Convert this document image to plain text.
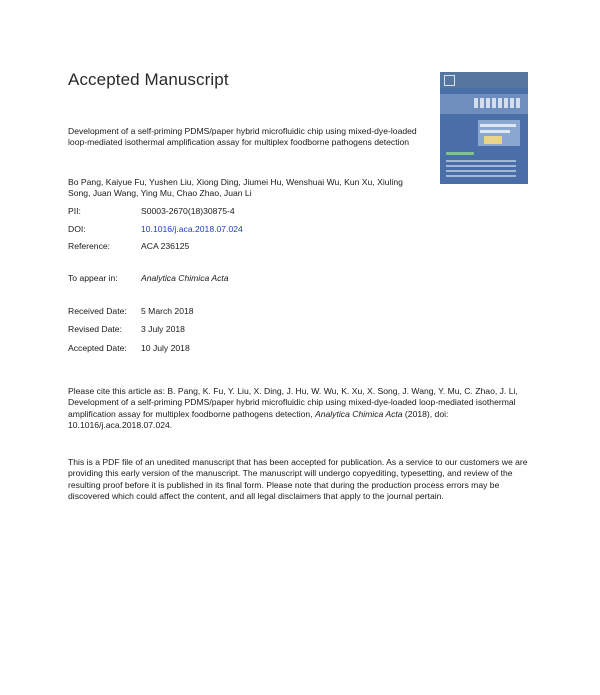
Accepted Manuscript
Development of a self-priming PDMS/paper hybrid microfluidic chip using mixed-dye-loaded loop-mediated isothermal amplification assay for multiplex foodborne pathogens detection
Bo Pang, Kaiyue Fu, Yushen Liu, Xiong Ding, Jiumei Hu, Wenshuai Wu, Kun Xu, Xiuling Song, Juan Wang, Ying Mu, Chao Zhao, Juan Li
PII:	S0003-2670(18)30875-4
DOI:	10.1016/j.aca.2018.07.024
Reference:	ACA 236125
To appear in:	Analytica Chimica Acta
Received Date: 5 March 2018
Revised Date: 3 July 2018
Accepted Date: 10 July 2018
Please cite this article as: B. Pang, K. Fu, Y. Liu, X. Ding, J. Hu, W. Wu, K. Xu, X. Song, J. Wang, Y. Mu, C. Zhao, J. Li, Development of a self-priming PDMS/paper hybrid microfluidic chip using mixed-dye-loaded loop-mediated isothermal amplification assay for multiplex foodborne pathogens detection, Analytica Chimica Acta (2018), doi: 10.1016/j.aca.2018.07.024.
This is a PDF file of an unedited manuscript that has been accepted for publication. As a service to our customers we are providing this early version of the manuscript. The manuscript will undergo copyediting, typesetting, and review of the resulting proof before it is published in its final form. Please note that during the production process errors may be discovered which could affect the content, and all legal disclaimers that apply to the journal pertain.
